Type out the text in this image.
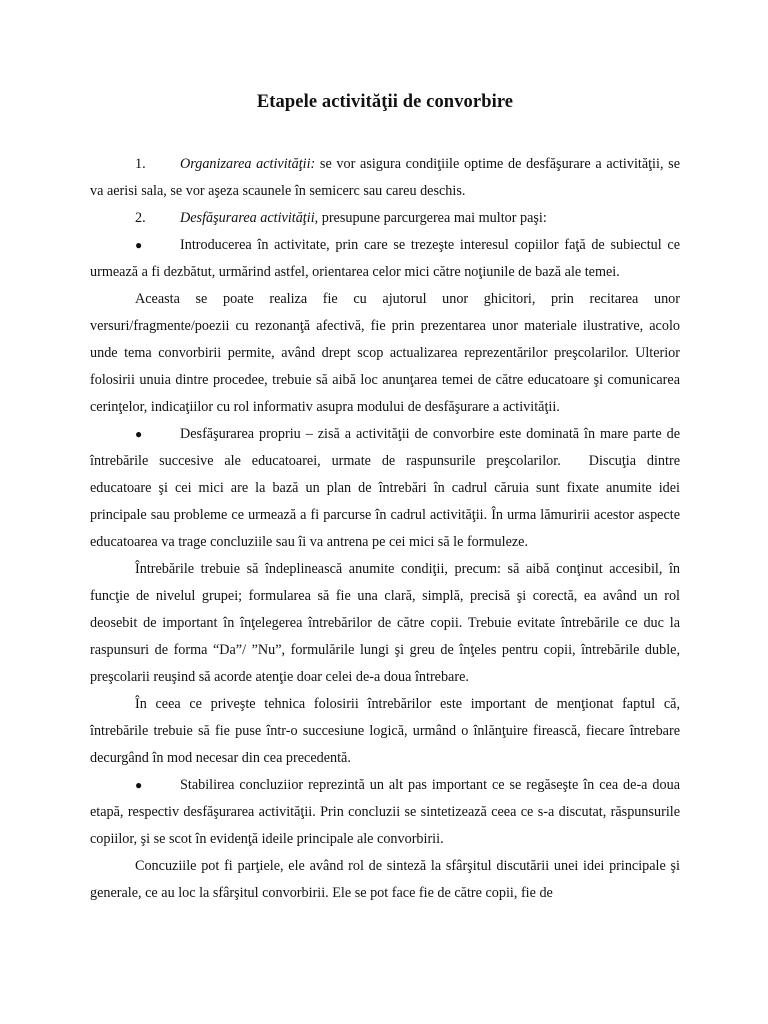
Etapele activităţii de convorbire

1. Organizarea activităţii: se vor asigura condiţiile optime de desfăşurare a activităţii, se va aerisi sala, se vor aşeza scaunele în semicerc sau careu deschis.

2. Desfăşurarea activităţii, presupune parcurgerea mai multor paşi:

●	Introducerea în activitate, prin care se trezeşte interesul copiilor faţă de subiectul ce urmează a fi dezbătut, urmărind astfel, orientarea celor mici către noţiunile de bază ale temei.

Aceasta se poate realiza fie cu ajutorul unor ghicitori, prin recitarea unor versuri/fragmente/poezii cu rezonanţă afectivă, fie prin prezentarea unor materiale ilustrative, acolo unde tema convorbirii permite, având drept scop actualizarea reprezentărilor preşcolarilor. Ulterior folosirii unuia dintre procedee, trebuie să aibă loc anunţarea temei de către educatoare şi comunicarea cerinţelor, indicaţiilor cu rol informativ asupra modului de desfăşurare a activităţii.

●	Desfăşurarea propriu – zisă a activităţii de convorbire este dominată în mare parte de întrebările succesive ale educatoarei, urmate de raspunsurile preşcolarilor. Discuţia dintre educatoare şi cei mici are la bază un plan de întrebări în cadrul căruia sunt fixate anumite idei principale sau probleme ce urmează a fi parcurse în cadrul activităţii. În urma lămuririi acestor aspecte educatoarea va trage concluziile sau îi va antrena pe cei mici să le formuleze.

Întrebările trebuie să îndeplinească anumite condiţii, precum: să aibă conţinut accesibil, în funcţie de nivelul grupei; formularea să fie una clară, simplă, precisă şi corectă, ea având un rol deosebit de important în înţelegerea întrebărilor de către copii. Trebuie evitate întrebările ce duc la raspunsuri de forma “Da”/ ”Nu”, formulările lungi şi greu de înţeles pentru copii, întrebările duble, preşcolarii reuşind să acorde atenţie doar celei de-a doua întrebare.

În ceea ce priveşte tehnica folosirii întrebărilor este important de menţionat faptul că, întrebările trebuie să fie puse într-o succesiune logică, urmând o înlănţuire firească, fiecare întrebare decurgând în mod necesar din cea precedentă.

●	Stabilirea concluziior reprezintă un alt pas important ce se regăseşte în cea de-a doua etapă, respectiv desfăşurarea activităţii. Prin concluzii se sintetizează ceea ce s-a discutat, răspunsurile copiilor, şi se scot în evidenţă ideile principale ale convorbirii.

Concuziile pot fi parţiele, ele având rol de sinteză la sfârşitul discutării unei idei principale şi generale, ce au loc la sfârşitul convorbirii. Ele se pot face fie de către copii, fie de
